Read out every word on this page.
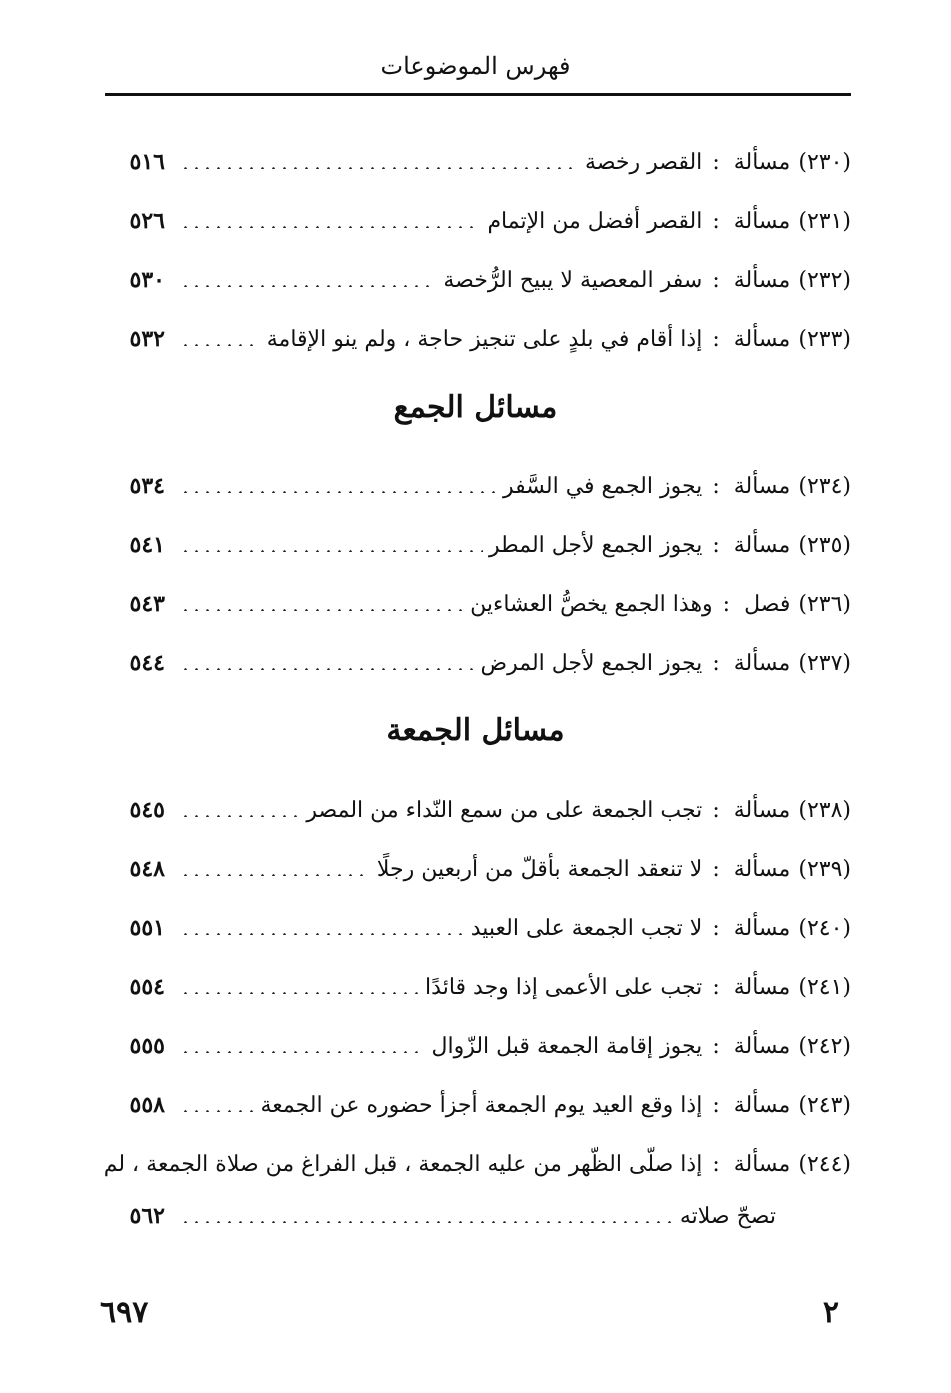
فهرس الموضوعات
(٢٣٠)
مسألة
:
القصر رخصة
٥١٦
(٢٣١)
مسألة
:
القصر أفضل من الإتمام
٥٢٦
(٢٣٢)
مسألة
:
سفر المعصية لا يبيح الرُّخصة
٥٣٠
(٢٣٣)
مسألة
:
إذا أقام في بلدٍ على تنجيز حاجة ، ولم ينو الإقامة
٥٣٢
مسائل الجمع
(٢٣٤)
مسألة
:
يجوز الجمع في السَّفر
٥٣٤
(٢٣٥)
مسألة
:
يجوز الجمع لأجل المطر
٥٤١
(٢٣٦)
فصل
:
وهذا الجمع يخصُّ العشاءين
٥٤٣
(٢٣٧)
مسألة
:
يجوز الجمع لأجل المرض
٥٤٤
مسائل الجمعة
(٢٣٨)
مسألة
:
تجب الجمعة على من سمع النّداء من المصر
٥٤٥
(٢٣٩)
مسألة
:
لا تنعقد الجمعة بأقلّ من أربعين رجلًا
٥٤٨
(٢٤٠)
مسألة
:
لا تجب الجمعة على العبيد
٥٥١
(٢٤١)
مسألة
:
تجب على الأعمى إذا وجد قائدًا
٥٥٤
(٢٤٢)
مسألة
:
يجوز إقامة الجمعة قبل الزّوال
٥٥٥
(٢٤٣)
مسألة
:
إذا وقع العيد يوم الجمعة أجزأ حضوره عن الجمعة
٥٥٨
(٢٤٤)
مسألة
:
إذا صلّى الظّهر من عليه الجمعة ، قبل الفراغ من صلاة الجمعة ، لم
تصحّ صلاته
٥٦٢
٦٩٧	٢
